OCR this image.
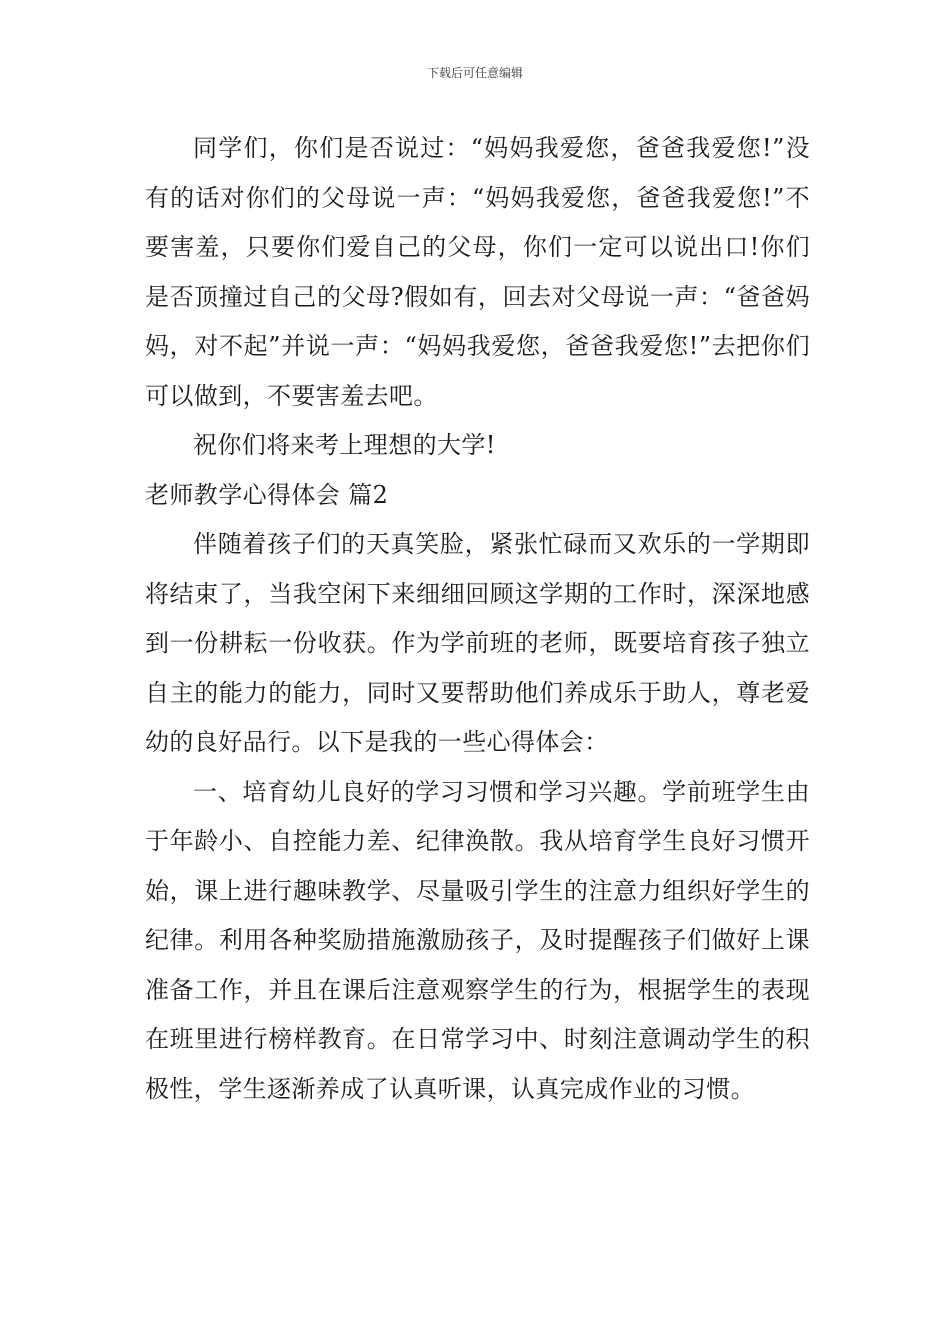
下载后可任意编辑

同学们，你们是否说过：“妈妈我爱您，爸爸我爱您!”没有的话对你们的父母说一声：“妈妈我爱您，爸爸我爱您!”不要害羞，只要你们爱自己的父母，你们一定可以说出口!你们是否顶撞过自己的父母?假如有，回去对父母说一声：“爸爸妈妈，对不起”并说一声：“妈妈我爱您，爸爸我爱您!”去把你们可以做到，不要害羞去吧。

祝你们将来考上理想的大学!

老师教学心得体会 篇2

伴随着孩子们的天真笑脸，紧张忙碌而又欢乐的一学期即将结束了，当我空闲下来细细回顾这学期的工作时，深深地感到一份耕耘一份收获。作为学前班的老师，既要培育孩子独立自主的能力的能力，同时又要帮助他们养成乐于助人，尊老爱幼的良好品行。以下是我的一些心得体会：

一、培育幼儿良好的学习习惯和学习兴趣。学前班学生由于年龄小、自控能力差、纪律涣散。我从培育学生良好习惯开始，课上进行趣味教学、尽量吸引学生的注意力组织好学生的纪律。利用各种奖励措施激励孩子，及时提醒孩子们做好上课准备工作，并且在课后注意观察学生的行为，根据学生的表现在班里进行榜样教育。在日常学习中、时刻注意调动学生的积极性，学生逐渐养成了认真听课，认真完成作业的习惯。
